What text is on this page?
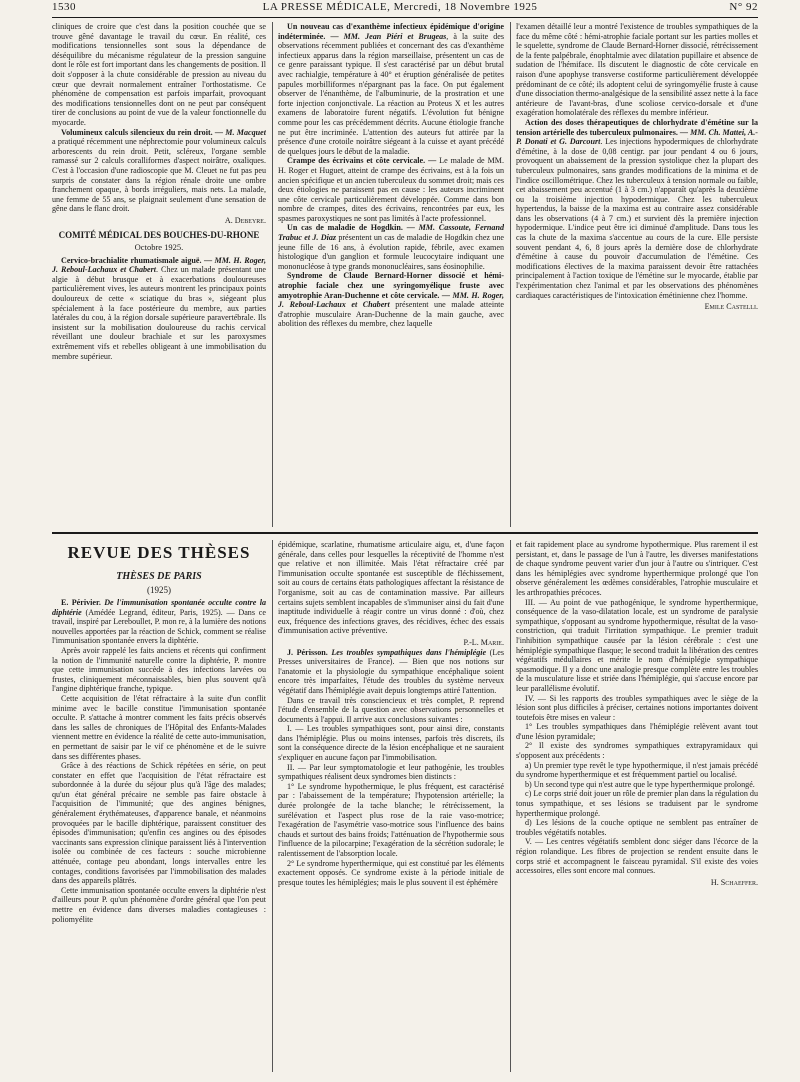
1530	LA PRESSE MÉDICALE, Mercredi, 18 Novembre 1925	N° 92

cliniques de croire que c'est dans la position couchée que se trouve gêné davantage le travail du cœur. En réalité, ces modifications tensionnelles sont sous la dépendance de déséquilibre du mécanisme régulateur de la pression sanguine dont le rôle est fort important dans les changements de position. Il doit s'opposer à la chute considérable de pression au niveau du cœur que devrait normalement entraîner l'orthostatisme. Ce phénomène de compensation est parfois imparfait, provoquant des modifications tensionnelles dont on ne peut par conséquent tirer de conclusions au point de vue de la valeur fonctionnelle du myocarde.

Volumineux calculs silencieux du rein droit. — M. Macquet a pratiqué récemment une néphrectomie pour volumineux calculs arborescents du rein droit. Petit, scléreux, l'organe semble ramassé sur 2 calculs coralliformes d'aspect noirâtre, oxaliques. C'est à l'occasion d'une radioscopie que M. Cleuet ne fut pas peu surpris de constater dans la région rénale droite une ombre franchement opaque, à bords irréguliers, mais nets. La malade, une femme de 55 ans, se plaignait seulement d'une sensation de gêne dans le flanc droit.

A. Debeyre.
COMITÉ MÉDICAL DES BOUCHES-DU-RHONE
Octobre 1925.

Cervico-brachialite rhumatismale aiguë. — MM. H. Roger, J. Reboul-Lachaux et Chabert. Chez un malade présentant une algie à début brusque et à exacerbations douloureuses particulièrement vives, les auteurs montrent les principaux points douloureux de cette « sciatique du bras », siégeant plus spécialement à la face postérieure du membre, aux parties latérales du cou, à la région dorsale supérieure paravertébrale. Ils insistent sur la mobilisation douloureuse du rachis cervical réveillant une douleur brachiale et sur les paroxysmes extrêmement vifs et rebelles obligeant à une immobilisation du membre supérieur.

Un nouveau cas d'exanthème infectieux épidémique d'origine indéterminée. — MM. Jean Piéri et Brugeas, à la suite des observations récemment publiées et concernant des cas d'exanthème infectieux apparus dans la région marseillaise, présentent un cas de ce genre paraissant typique. Il s'est caractérisé par un début brutal avec rachialgie, température à 40° et éruption généralisée de petites papules morbilliformes n'épargnant pas la face. On put également observer de l'énanthème, de l'albuminurie, de la prostration et une forte injection conjonctivale. La réaction au Proteus X et les autres examens de laboratoire furent négatifs. L'évolution fut bénigne comme pour les cas précédemment décrits. Aucune étiologie franche ne put être incriminée. L'attention des auteurs fut attirée par la présence d'une crotoile noirâtre siégeant à la cuisse et ayant précédé de quelques jours le début de la maladie.

Crampe des écrivains et côte cervicale. — Le malade de MM. H. Roger et Huguet, atteint de crampe des écrivains, est à la fois un ancien spécifique et un ancien tuberculeux du sommet droit; mais ces deux étiologies ne paraissent pas en cause : les auteurs incriminent une côte cervicale particulièrement développée. Comme dans bon nombre de crampes, dites des écrivains, rencontrées par eux, les spasmes paroxystiques ne sont pas limités à l'acte professionnel.

Un cas de maladie de Hogdkin. — MM. Cassoute, Fernand Trabuc et J. Diaz présentent un cas de maladie de Hogdkin chez une jeune fille de 16 ans, à évolution rapide, fébrile, avec examen histologique d'un ganglion et formule leucocytaire indiquant une mononucléose à type grands mononucléaires, sans éosinophilie.

Syndrome de Claude Bernard-Horner dissocié et hémi-atrophie faciale chez une syringomyélique fruste avec amyotrophie Aran-Duchenne et côte cervicale. — MM. H. Roger, J. Reboul-Lachaux et Chabert présentent une malade atteinte d'atrophie musculaire Aran-Duchenne de la main gauche, avec abolition des réflexes du membre, chez laquelle

l'examen détaillé leur a montré l'existence de troubles sympathiques de la face du même côté : hémi-atrophie faciale portant sur les parties molles et le squelette, syndrome de Claude Bernard-Horner dissocié, rétrécissement de la fente palpébrale, énophtalmie avec dilatation pupillaire et absence de sudation de l'hémiface. Ils discutent le diagnostic de côte cervicale en raison d'une apophyse transverse costiforme particulièrement développée prédominant de ce côté; ils adoptent celui de syringomyélie fruste à cause d'une dissociation thermo-analgésique de la sensibilité assez nette à la face antérieure de l'avant-bras, d'une scoliose cervico-dorsale et d'une exagération homolatérale des réflexes du membre inférieur.

Action des doses thérapeutiques de chlorhydrate d'émétine sur la tension artérielle des tuberculeux pulmonaires. — MM. Ch. Mattei, A.-P. Donati et G. Darcourt. Les injections hypodermiques de chlorhydrate d'émétine, à la dose de 0,08 centigr. par jour pendant 4 ou 6 jours, provoquent un abaissement de la pression systolique chez la plupart des tuberculeux pulmonaires, sans grandes modifications de la minima et de l'indice oscillométrique. Chez les tuberculeux à tension normale ou faible, cet abaissement peu accentué (1 à 3 cm.) n'apparaît qu'après la deuxième ou la troisième injection hypodermique. Chez les tuberculeux hypertendus, la baisse de la maxima est au contraire assez considérable dans les observations (4 à 7 cm.) et survient dès la première injection hypodermique. L'indice peut être ici diminué d'amplitude. Dans tous les cas la chute de la maxima s'accentue au cours de la cure. Elle persiste souvent pendant 4, 6, 8 jours après la dernière dose de chlorhydrate d'émétine à cause du pouvoir d'accumulation de l'émétine. Ces modifications électives de la maxima paraissent devoir être rattachées principalement à l'action toxique de l'émétine sur le myocarde, établie par l'expérimentation chez l'animal et par les observations des phénomènes cardiaques caractéristiques de l'intoxication émétinienne chez l'homme.

Emile Castelli.
REVUE DES THÈSES
THÈSES DE PARIS
(1925)

E. Périvier. De l'immunisation spontanée occulte contre la diphtérie (Amédée Legrand, éditeur, Paris, 1925). — Dans ce travail, inspiré par Lereboullet, P. mon re, à la lumière des notions nouvelles apportées par la réaction de Schick, comment se réalise l'immunisation spontanée envers la diphtérie.

Après avoir rappelé les faits anciens et récents qui confirment la notion de l'immunité naturelle contre la diphtérie, P. montre que cette immunisation succède à des infections larvées ou frustes, cliniquement méconnaissables, bien plus souvent qu'à l'angine diphtérique franche, typique.

Cette acquisition de l'état réfractaire à la suite d'un conflit minime avec le bacille constitue l'immunisation spontanée occulte. P. s'attache à montrer comment les faits précis observés dans les salles de chroniques de l'Hôpital des Enfants-Malades viennent mettre en évidence la réalité de cette auto-immunisation, en permettant de saisir par le vif ce phénomène et de le suivre dans ses différentes phases.

Grâce à des réactions de Schick répétées en série, on peut constater en effet que l'acquisition de l'état réfractaire est subordonnée à la durée du séjour plus qu'à l'âge des malades; qu'un état général précaire ne semble pas faire obstacle à l'acquisition de l'immunité; que des angines bénignes, généralement érythémateuses, d'apparence banale, et néanmoins provoquées par le bacille diphtérique, paraissent constituer des épisodes d'immunisation; qu'enfin ces angines ou des épisodes vaccinants sans expression clinique paraissent liés à l'intervention isolée ou combinée de ces facteurs : souche microbienne atténuée, contage peu abondant, longs intervalles entre les contages, conditions favorisées par l'immobilisation des malades dans des appareils plâtrés.

Cette immunisation spontanée occulte envers la diphtérie n'est d'ailleurs pour P. qu'un phénomène d'ordre général que l'on peut mettre en évidence dans diverses maladies contagieuses : poliomyélite

épidémique, scarlatine, rhumatisme articulaire aigu, et, d'une façon générale, dans celles pour lesquelles la réceptivité de l'homme n'est que relative et non illimitée. Mais l'état réfractaire créé par l'immunisation occulte spontanée est susceptible de fléchissement, soit au cours de certains états pathologiques affectant la résistance de l'organisme, soit au cas de contamination massive. Par ailleurs certains sujets semblent incapables de s'immuniser ainsi du fait d'une inaptitude individuelle à réagir contre un virus donné : d'où, chez eux, fréquence des infections graves, des récidives, échec des essais d'immunisation active préventive.

P.-L. Marie.

J. Périsson. Les troubles sympathiques dans l'hémiplégie (Les Presses universitaires de France). — Bien que nos notions sur l'anatomie et la physiologie du sympathique encéphalique soient encore très imparfaites, l'étude des troubles du système nerveux végétatif dans l'hémiplégie avait depuis longtemps attiré l'attention.

Dans ce travail très consciencieux et très complet, P. reprend l'étude d'ensemble de la question avec observations personnelles et documents à l'appui. Il arrive aux conclusions suivantes :

I. — Les troubles sympathiques sont, pour ainsi dire, constants dans l'hémiplégie. Plus ou moins intenses, parfois très discrets, ils sont la conséquence directe de la lésion encéphalique et ne sauraient s'expliquer en aucune façon par l'immobilisation.

II. — Par leur symptomatologie et leur pathogénie, les troubles sympathiques réalisent deux syndromes bien distincts :

1° Le syndrome hypothermique, le plus fréquent, est caractérisé par : l'abaissement de la température; l'hypotension artérielle; la durée prolongée de la tache blanche; le rétrécissement, la surélévation et l'aspect plus rose de la raie vaso-motrice; l'exagération de l'asymétrie vaso-motrice sous l'influence des bains chauds et surtout des bains froids; l'atténuation de l'hypothermie sous l'influence de la pilocarpine; l'exagération de la sécrétion sudorale; le ralentissement de l'absorption locale.

2° Le syndrome hyperthermique, qui est constitué par les éléments exactement opposés. Ce syndrome existe à la période initiale de presque toutes les hémiplégies; mais le plus souvent il est éphémère

et fait rapidement place au syndrome hypothermique. Plus rarement il est persistant, et, dans le passage de l'un à l'autre, les diverses manifestations de chaque syndrome peuvent varier d'un jour à l'autre ou s'intriquer. C'est dans les hémiplégies avec syndrome hyperthermique prolongé que l'on observe généralement les œdèmes considérables, l'atrophie musculaire et les arthropathies précoces.

III. — Au point de vue pathogénique, le syndrome hyperthermique, conséquence de la vaso-dilatation locale, est un syndrome de paralysie sympathique, s'opposant au syndrome hypothermique, résultat de la vaso-constriction, qui traduit l'irritation sympathique. Le premier traduit l'inhibition sympathique causée par la lésion cérébrale : c'est une hémiplégie sympathique flasque; le second traduit la libération des centres végétatifs médullaires et mérite le nom d'hémiplégie sympathique spasmodique. Il y a donc une analogie presque complète entre les troubles de la musculature lisse et striée dans l'hémiplégie, qui s'accuse encore par leur parallélisme évolutif.

IV. — Si les rapports des troubles sympathiques avec le siège de la lésion sont plus difficiles à préciser, certaines notions importantes doivent toutefois être mises en valeur :

1° Les troubles sympathiques dans l'hémiplégie relèvent avant tout d'une lésion pyramidale;

2° Il existe des syndromes sympathiques extrapyramidaux qui s'opposent aux précédents :

a) Un premier type revêt le type hypothermique, il n'est jamais précédé du syndrome hyperthermique et est fréquemment partiel ou localisé.

b) Un second type qui n'est autre que le type hyperthermique prolongé.

c) Le corps strié doit jouer un rôle de premier plan dans la régulation du tonus sympathique, et ses lésions se traduisent par le syndrome hyperthermique prolongé.

d) Les lésions de la couche optique ne semblent pas entraîner de troubles végétatifs notables.

V. — Les centres végétatifs semblent donc siéger dans l'écorce de la région rolandique. Les fibres de projection se rendent ensuite dans le corps strié et accompagnent le faisceau pyramidal. S'il existe des voies accessoires, elles sont encore mal connues.

H. Schaeffer.
